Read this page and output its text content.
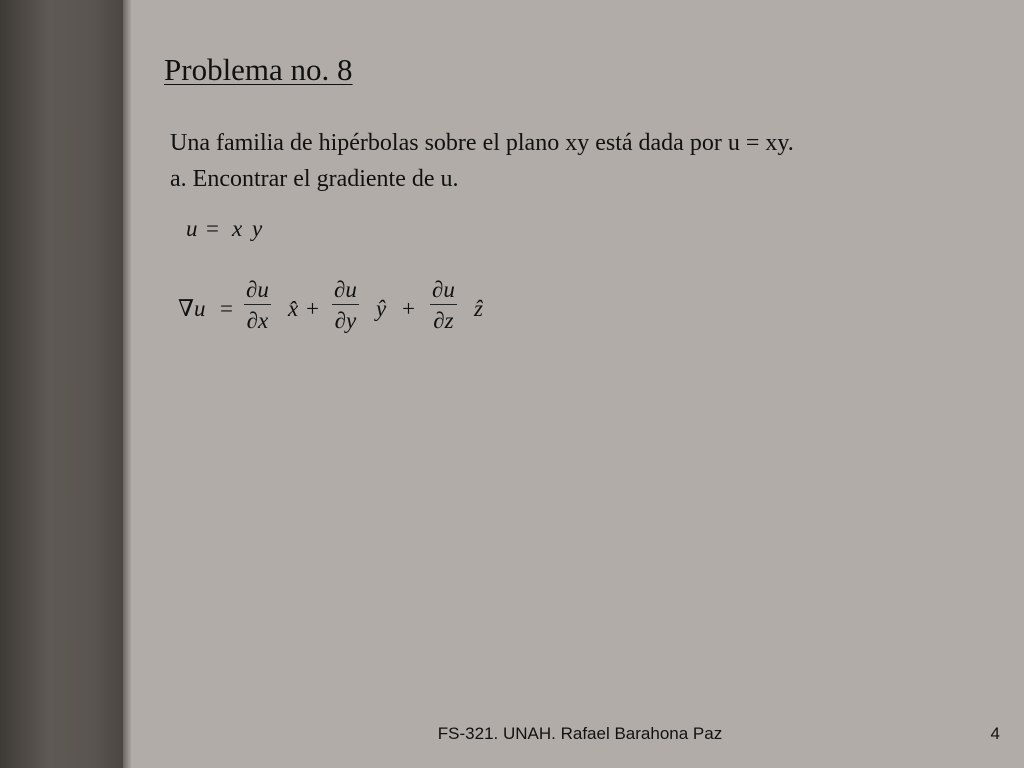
Problema no. 8
Una familia de hipérbolas sobre el plano xy está dada por u = xy.
a. Encontrar el gradiente de u.
u = x y
∇u =
∂u
∂x x̂ +
∂u
∂y ŷ +
∂u
∂z ẑ
FS-321. UNAH. Rafael Barahona Paz	4
